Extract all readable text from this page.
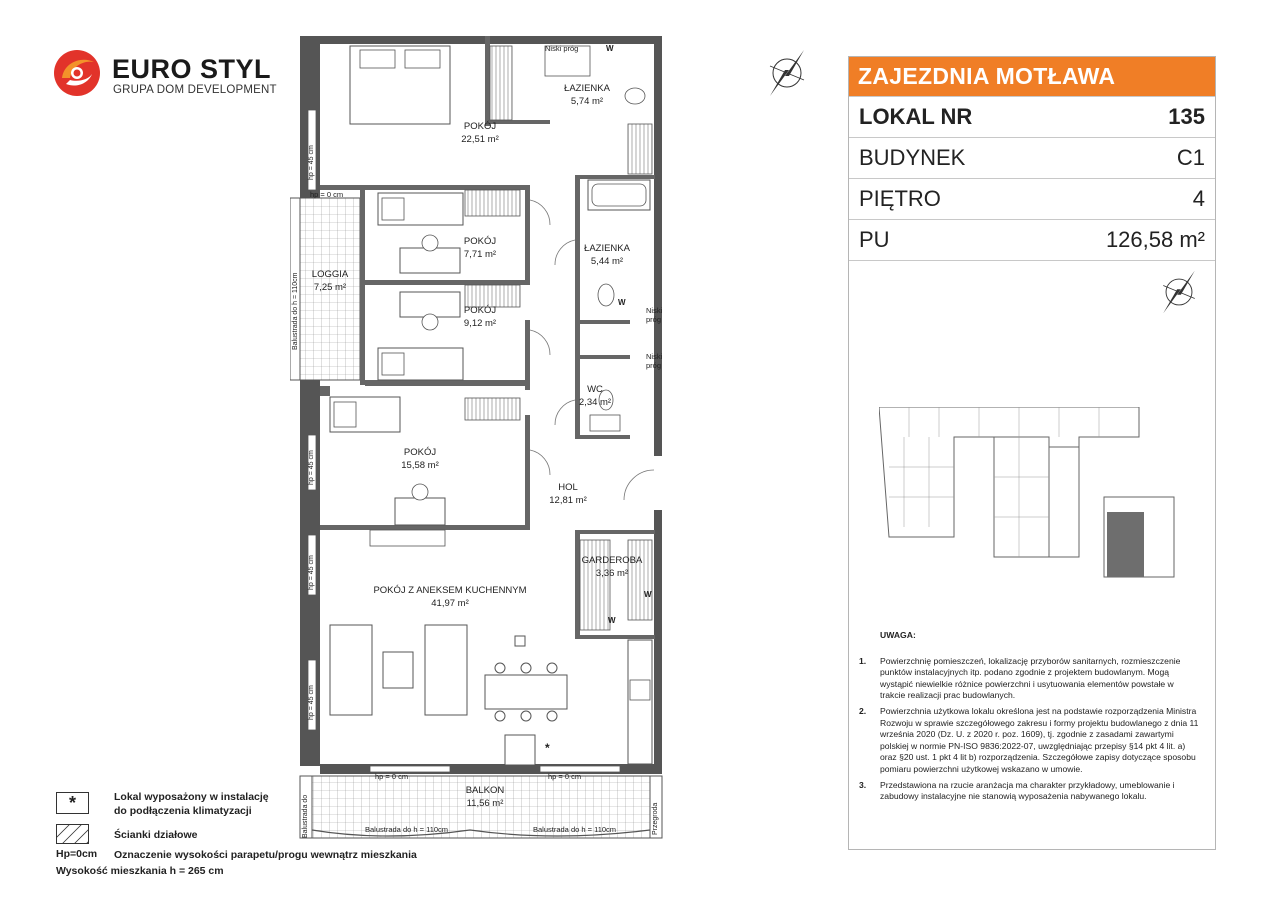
EURO STYL
GRUPA DOM DEVELOPMENT
POKÓJ
22,51 m²
ŁAZIENKA
5,74 m²
POKÓJ
7,71 m²
ŁAZIENKA
5,44 m²
LOGGIA
7,25 m²
POKÓJ
9,12 m²
WC
2,34 m²
POKÓJ
15,58 m²
HOL
12,81 m²
GARDEROBA
3,36 m²
POKÓJ Z ANEKSEM KUCHENNYM
41,97 m²
BALKON
11,56 m²
Niski próg
Niski próg
Niski próg
hp = 0 cm
hp = 0 cm	hp = 0 cm
Balustrada do h = 110cm	Balustrada do h = 110cm
*
W
W
W
W
ZAJEZDNIA MOTŁAWA
LOKAL NR	135
BUDYNEK	C1
PIĘTRO	4
PU	126,58 m²
UWAGA:
1.	Powierzchnię pomieszczeń, lokalizację przyborów sanitarnych, rozmieszczenie punktów instalacyjnych itp. podano zgodnie z projektem budowlanym. Mogą wystąpić niewielkie różnice powierzchni i usytuowania elementów powstałe w trakcie realizacji prac budowlanych.
2.	Powierzchnia użytkowa lokalu określona jest na podstawie rozporządzenia Ministra Rozwoju w sprawie szczegółowego zakresu i formy projektu budowlanego z dnia 11 września 2020 (Dz. U. z 2020 r. poz. 1609), tj. zgodnie z zasadami zawartymi polskiej w normie PN-ISO 9836:2022-07, uwzględniając przepisy §14 pkt 4 lit. a) oraz §20 ust. 1 pkt 4 lit b) rozporządzenia. Szczegółowe zapisy dotyczące sposobu pomiaru powierzchni użytkowej wskazano w umowie.
3.	Przedstawiona na rzucie aranżacja ma charakter przykładowy, umeblowanie i zabudowy instalacyjne nie stanowią wyposażenia nabywanego lokalu.
*	Lokal wyposażony w instalację
do podłączenia klimatyzacji
Ścianki działowe
Hp=0cm Oznaczenie wysokości parapetu/progu wewnątrz mieszkania
Wysokość mieszkania h = 265 cm
